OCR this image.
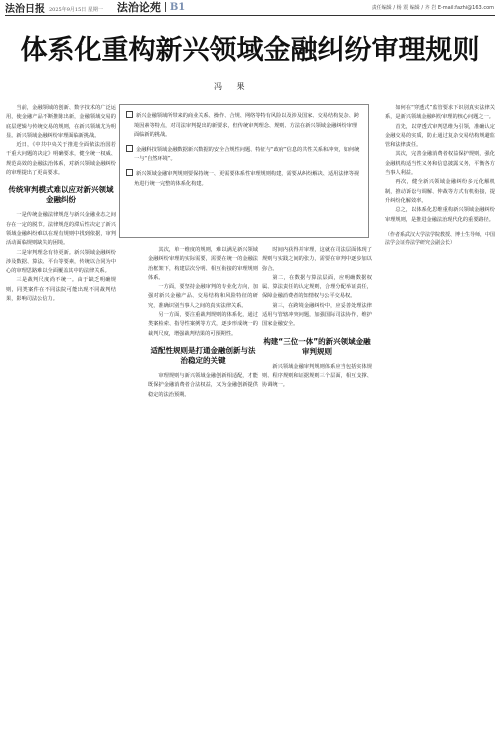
法治日报 2025年9月15日 星期一 法治论苑 B1	责任编辑 / 杨 震 编辑 / 齐 岩 E-mail:fazhi@163.com
体系化重构新兴领域金融纠纷审理规则
冯 果

新兴金融领域所带来的商业关系、操作、合规、网络等特有风险以及涉及国家、交易结构复杂、跨境因素等特点，对司法审判提出的新要求，但传统审判理念、规则、方法在新兴领域金融纠纷审理面临新的挑战。

金融科技领域金融数据新兴数据的安全合规性问题、特征与“政府”信息的共性关系和冲突，如何统一与“自然环境”。

新兴领域金融审判规则要保持统一、更需要体系性审理规则构建，需要从纠纷解决、适用法律等视角进行统一完整的体系化构建。

当前，金融领域的创新、数字技术的广泛运用，使金融产品不断推陈出新，金融领域交易的底层逻辑与传统交易的规则，在新兴领域尤为明显。新兴领域金融纠纷审理面临新挑战。

近日，《中共中央关于推进全面依法治国若干重大问题的决定》明确要求，健全统一权威、规范高效的金融法治体系，对新兴领域金融纠纷的审理提出了更高要求。

传统审判模式难以应对新兴领域金融纠纷

一是传统金融法律规范与新兴金融业态之间存在一定的脱节。法律规范的滞后性决定了新兴领域金融纠纷难以在现有规则中找到依据，审判活动面临规则缺失的困境。

二是审判理念有待更新。新兴领域金融纠纷涉及数据、算法、平台等要素，传统以合同为中心的审理思路难以全面覆盖其中的法律关系。

三是裁判尺度尚不统一。由于缺乏明确规则，同类案件在不同法院可能出现不同裁判结果，影响司法公信力。

其次，单一维度的规则，难以满足新兴领域金融纠纷审理的实际需要，需要在统一的金融法治框架下，构建层次分明、相互衔接的审理规则体系。

一方面，要坚持金融审判的专业化方向，加强对新兴金融产品、交易结构和风险特征的研究，准确识别当事人之间的真实法律关系。

另一方面，要注重裁判规则的体系化，通过类案检索、指导性案例等方式，逐步形成统一的裁判尺度，增强裁判结果的可预期性。

适配性规则是打通金融创新与法治稳定的关键

审理规则与新兴领域金融创新相适配，才能既保护金融消费者合法权益，又为金融创新提供稳定的法治预期。

时间内获得并审理，这就在司法层面体现了规则与实践之间的张力，需要在审判中逐步加以弥合。

第二，在数据与算法层面，应明确数据权属、算法责任的认定规则，合理分配举证责任，保障金融消费者的知情权与公平交易权。

第三，在跨境金融纠纷中，应妥善处理法律适用与管辖冲突问题，加强国际司法协作，维护国家金融安全。

构建“三位一体”的新兴领域金融审判规则

新兴领域金融审判规则体系应当包括实体规则、程序规则和证据规则三个层面，相互支撑、协调统一。

如何在“穿透式”监管要求下识别真实法律关系，是新兴领域金融纠纷审理的核心问题之一。

首先，以穿透式审判思维为引领，准确认定金融交易的实质，防止通过复杂交易结构规避监管和法律责任。

其次，完善金融消费者权益保护规则，强化金融机构适当性义务和信息披露义务，平衡各方当事人利益。

再次，健全新兴领域金融纠纷多元化解机制，推动诉讼与调解、仲裁等方式有机衔接，提升纠纷化解效率。

总之，以体系化思维重构新兴领域金融纠纷审理规则，是推进金融法治现代化的重要路径。

（作者系武汉大学法学院教授、博士生导师，中国法学会证券法学研究会副会长）
